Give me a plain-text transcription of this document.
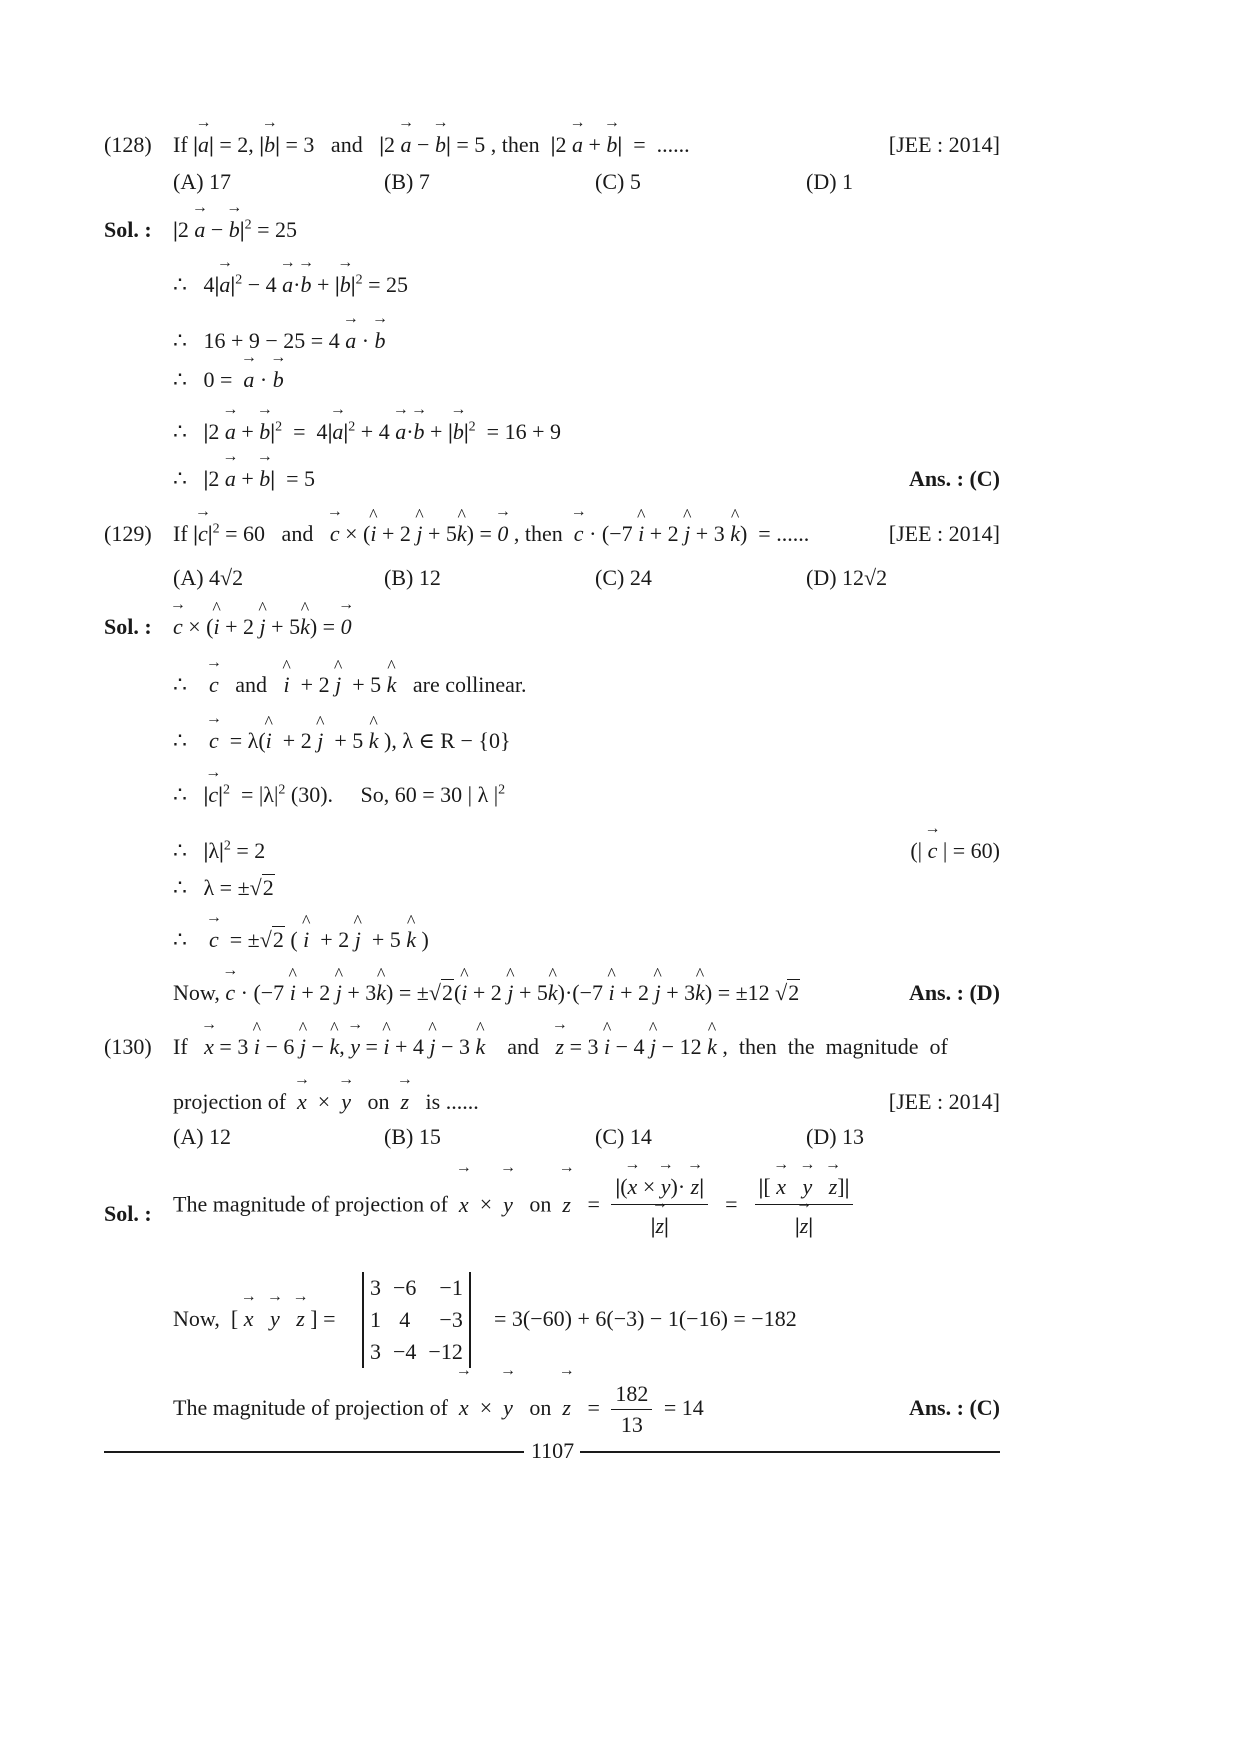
(128) If |→ a| = 2, |→ b| = 3   and   |2 → a − → b| = 5 , then  |2 → a + → b|  =  ......	[JEE : 2014]
(A) 17	(B) 7	(C) 5	(D) 1
Sol. : |2 → a − → $b|^2 = 25$
∴   $4|\to a|^2 - 4 \to a\cdot\to b$ + |→ $b|^2 = 25$
∴   16 + 9 − 25 = 4 → a · → b
∴   0 =  → a · → b
∴   |2 → a + → $b|^2 = 4|\to a|^2 + 4 \to a\cdot\to b$ + |→ $b|^2 = 16 + 9$
∴   |2 → a + → b|  = 5	Ans. : (C)
(129) If |→ $c|^2 = 60$   and   → c × (^ i + 2 ^ j + 5^ k) = → 0 , then  → c · (−7 ^ i + 2 ^ j + 3 ^ k)  = ......	[JEE : 2014]
(A) 4√2	(B) 12	(C) 24	(D) 12√2
Sol. : → c × (^ i + 2 ^ j + 5^ k) = → 0
∴    → c   and   ^ i  + 2 ^ j  + 5 ^ k   are collinear.
∴    → c  = λ(^ i  + 2 ^ j  + 5 ^ k ), λ ∈ R − {0}
∴   |→ $c|^2 = |\lambda|^2$ (30).     So, 60 = 30 | λ $|^2$
∴   $|\lambda|^2 = 2$	(| → c | = 60)
∴   λ = ±√2
∴    → c  = ±√2 ( ^ i  + 2 ^ j  + 5 ^ k )
Now, → c · (−7 ^ i + 2 ^ j + 3^ k) = ±√2(^ i + 2 ^ j + 5^ k)·(−7 ^ i + 2 ^ j + 3^ k) = ±12 √2	Ans. : (D)
(130) If   → x = 3 ^ i − 6 ^ j − ^ k, → y = ^ i + 4 ^ j − 3 ^ k    and   → z = 3 ^ i − 4 ^ j − 12 ^ k ,  then  the  magnitude  of
projection of  → x  ×  → y   on  → z   is ......	[JEE : 2014]
(A) 12	(B) 15	(C) 14	(D) 13
Sol. : The magnitude of projection of → x  ×  → y   on  → $z = \frac{|(\to x \times \to y)\cdot \to z|}{|\to z|} = \frac{|[ \to x \to y \to z]|}{|\to z|}$
Now,  [ → x → y → z ] =
3	−6	−1
1	4	−3
3	−4	−12
= 3(−60) + 6(−3) − 1(−16) = −182
The magnitude of projection of → x  ×  → y   on  → $z = \frac{182}{13} = 14$	Ans. : (C)
1107
